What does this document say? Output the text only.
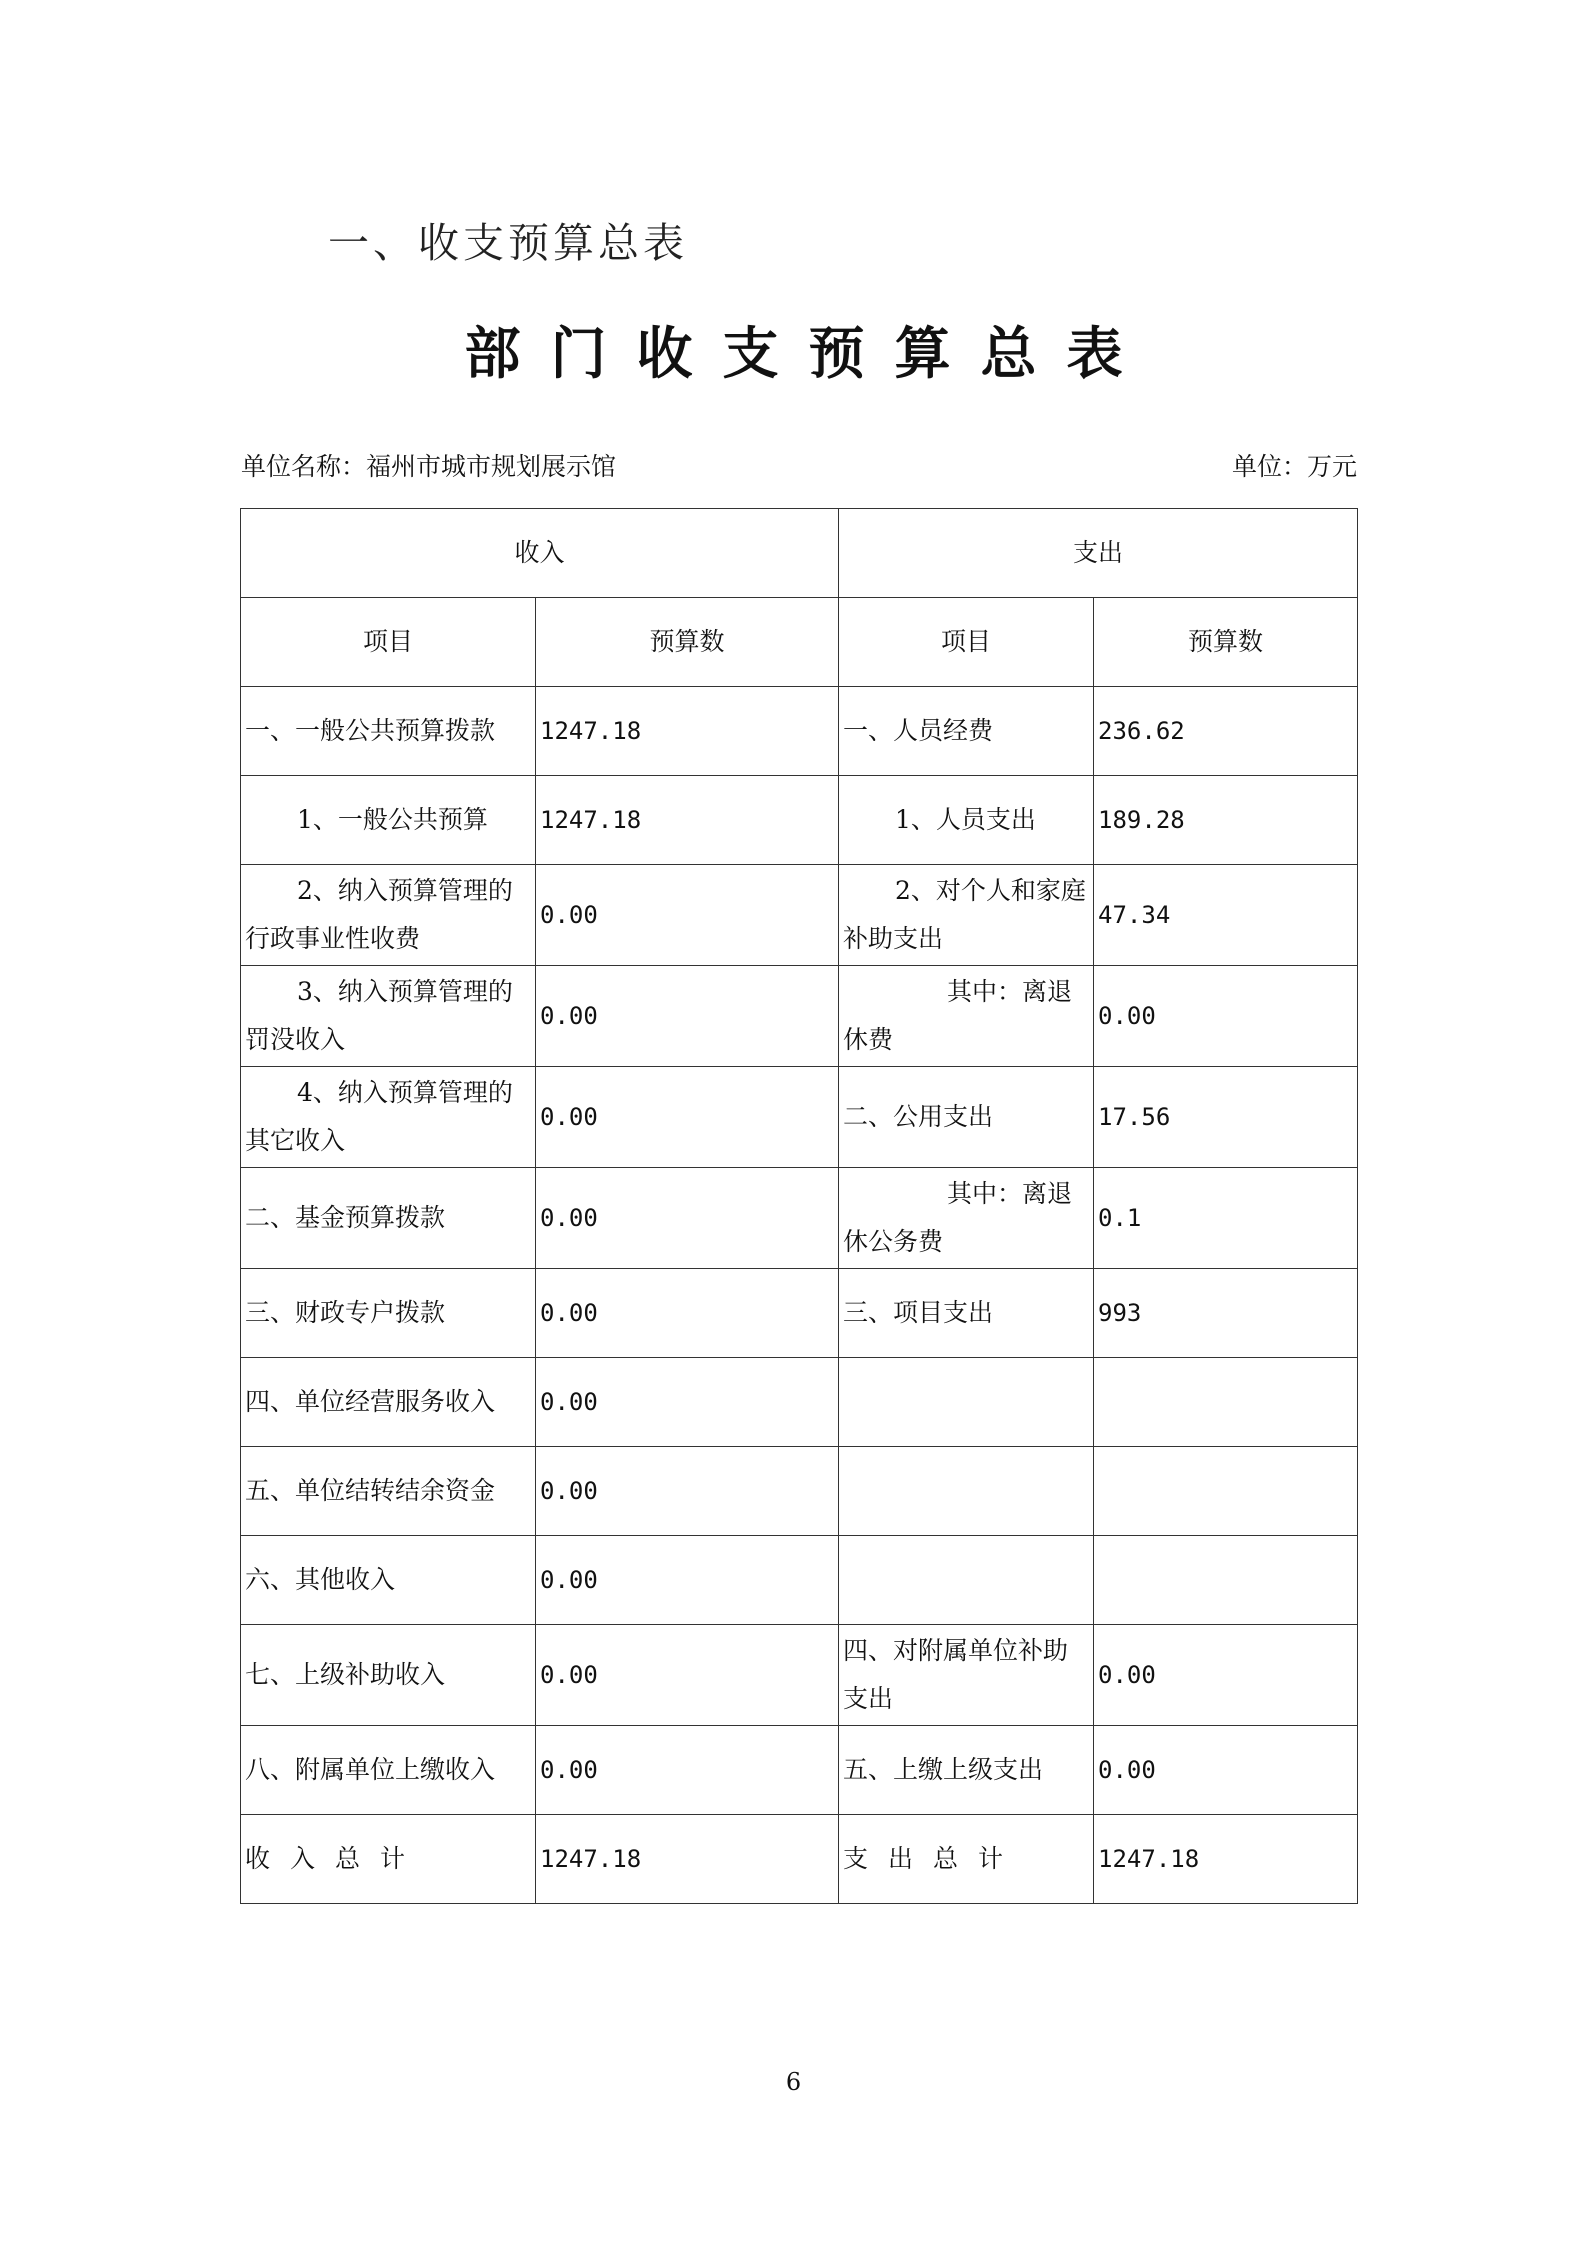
一、收支预算总表
部门收支预算总表
单位名称：福州市城市规划展示馆	单位：万元
收入		支出	
项目	预算数	项目	预算数
一、一般公共预算拨款	1247.18	一、人员经费	236.62
1、一般公共预算	1247.18	1、人员支出	189.28
2、纳入预算管理的行政事业性收费	0.00	2、对个人和家庭补助支出	47.34
3、纳入预算管理的罚没收入	0.00	其中：离退休费	0.00
4、纳入预算管理的其它收入	0.00	二、公用支出	17.56
二、基金预算拨款	0.00	其中：离退休公务费	0.1
三、财政专户拨款	0.00	三、项目支出	993
四、单位经营服务收入	0.00		
五、单位结转结余资金	0.00		
六、其他收入	0.00		
七、上级补助收入	0.00	四、对附属单位补助支出	0.00
八、附属单位上缴收入	0.00	五、上缴上级支出	0.00
收入总计	1247.18	支出总计	1247.18
6
